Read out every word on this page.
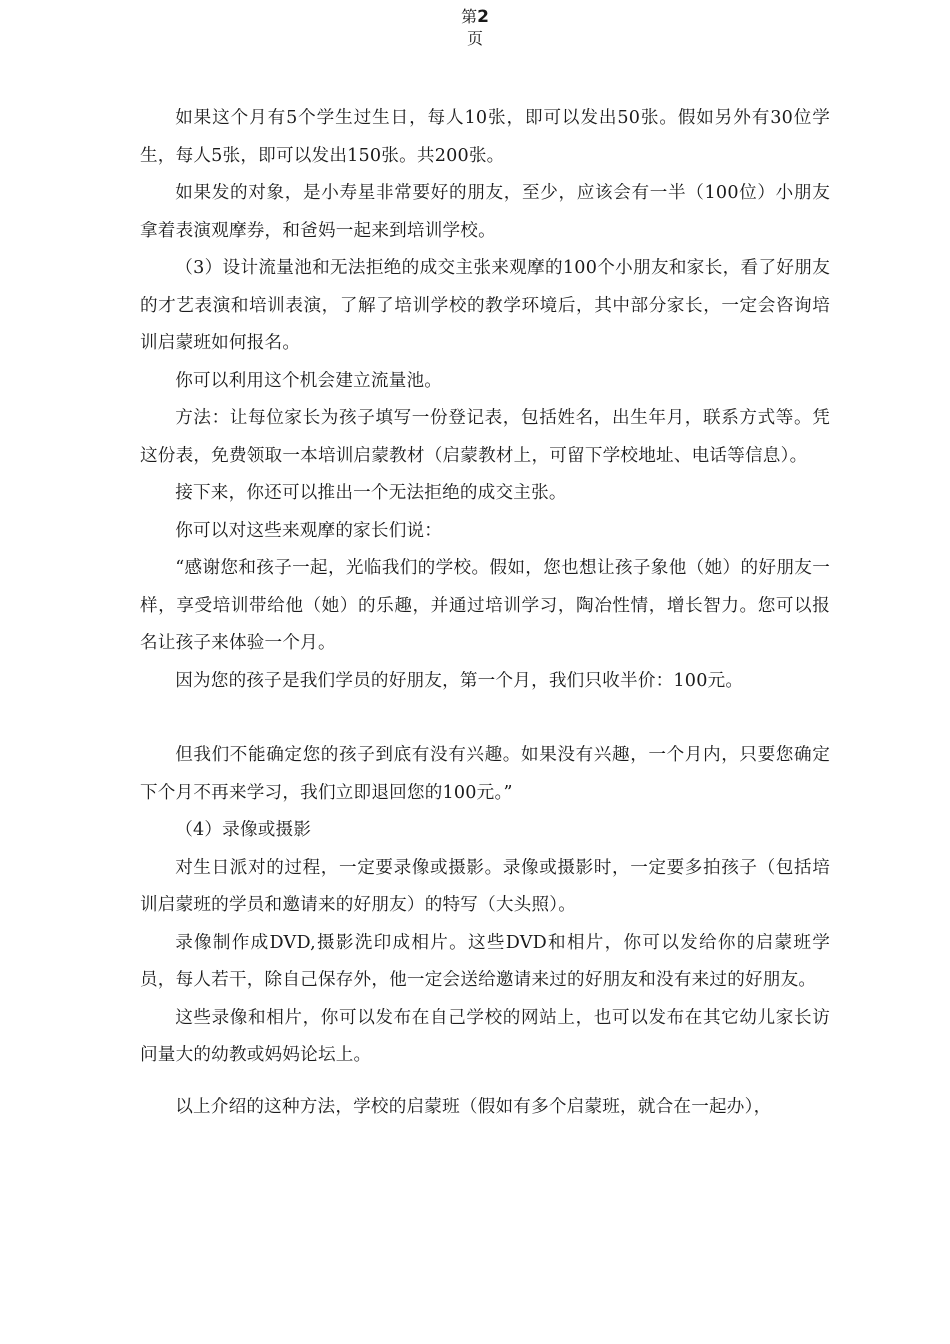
第2
页

如果这个月有5个学生过生日，每人10张，即可以发出50张。假如另外有30位学生，每人5张，即可以发出150张。共200张。

如果发的对象，是小寿星非常要好的朋友，至少，应该会有一半（100位）小朋友拿着表演观摩券，和爸妈一起来到培训学校。

（3）设计流量池和无法拒绝的成交主张来观摩的100个小朋友和家长，看了好朋友的才艺表演和培训表演，了解了培训学校的教学环境后，其中部分家长，一定会咨询培训启蒙班如何报名。

你可以利用这个机会建立流量池。

方法：让每位家长为孩子填写一份登记表，包括姓名，出生年月，联系方式等。凭这份表，免费领取一本培训启蒙教材（启蒙教材上，可留下学校地址、电话等信息）。

接下来，你还可以推出一个无法拒绝的成交主张。

你可以对这些来观摩的家长们说：

“感谢您和孩子一起，光临我们的学校。假如，您也想让孩子象他（她）的好朋友一样，享受培训带给他（她）的乐趣，并通过培训学习，陶冶性情，增长智力。您可以报名让孩子来体验一个月。

因为您的孩子是我们学员的好朋友，第一个月，我们只收半价：100元。

但我们不能确定您的孩子到底有没有兴趣。如果没有兴趣，一个月内，只要您确定下个月不再来学习，我们立即退回您的100元。”

（4）录像或摄影

对生日派对的过程，一定要录像或摄影。录像或摄影时，一定要多拍孩子（包括培训启蒙班的学员和邀请来的好朋友）的特写（大头照）。

录像制作成DVD,摄影洗印成相片。这些DVD和相片，你可以发给你的启蒙班学员，每人若干，除自己保存外，他一定会送给邀请来过的好朋友和没有来过的好朋友。

这些录像和相片，你可以发布在自己学校的网站上，也可以发布在其它幼儿家长访问量大的幼教或妈妈论坛上。

以上介绍的这种方法，学校的启蒙班（假如有多个启蒙班，就合在一起办），
